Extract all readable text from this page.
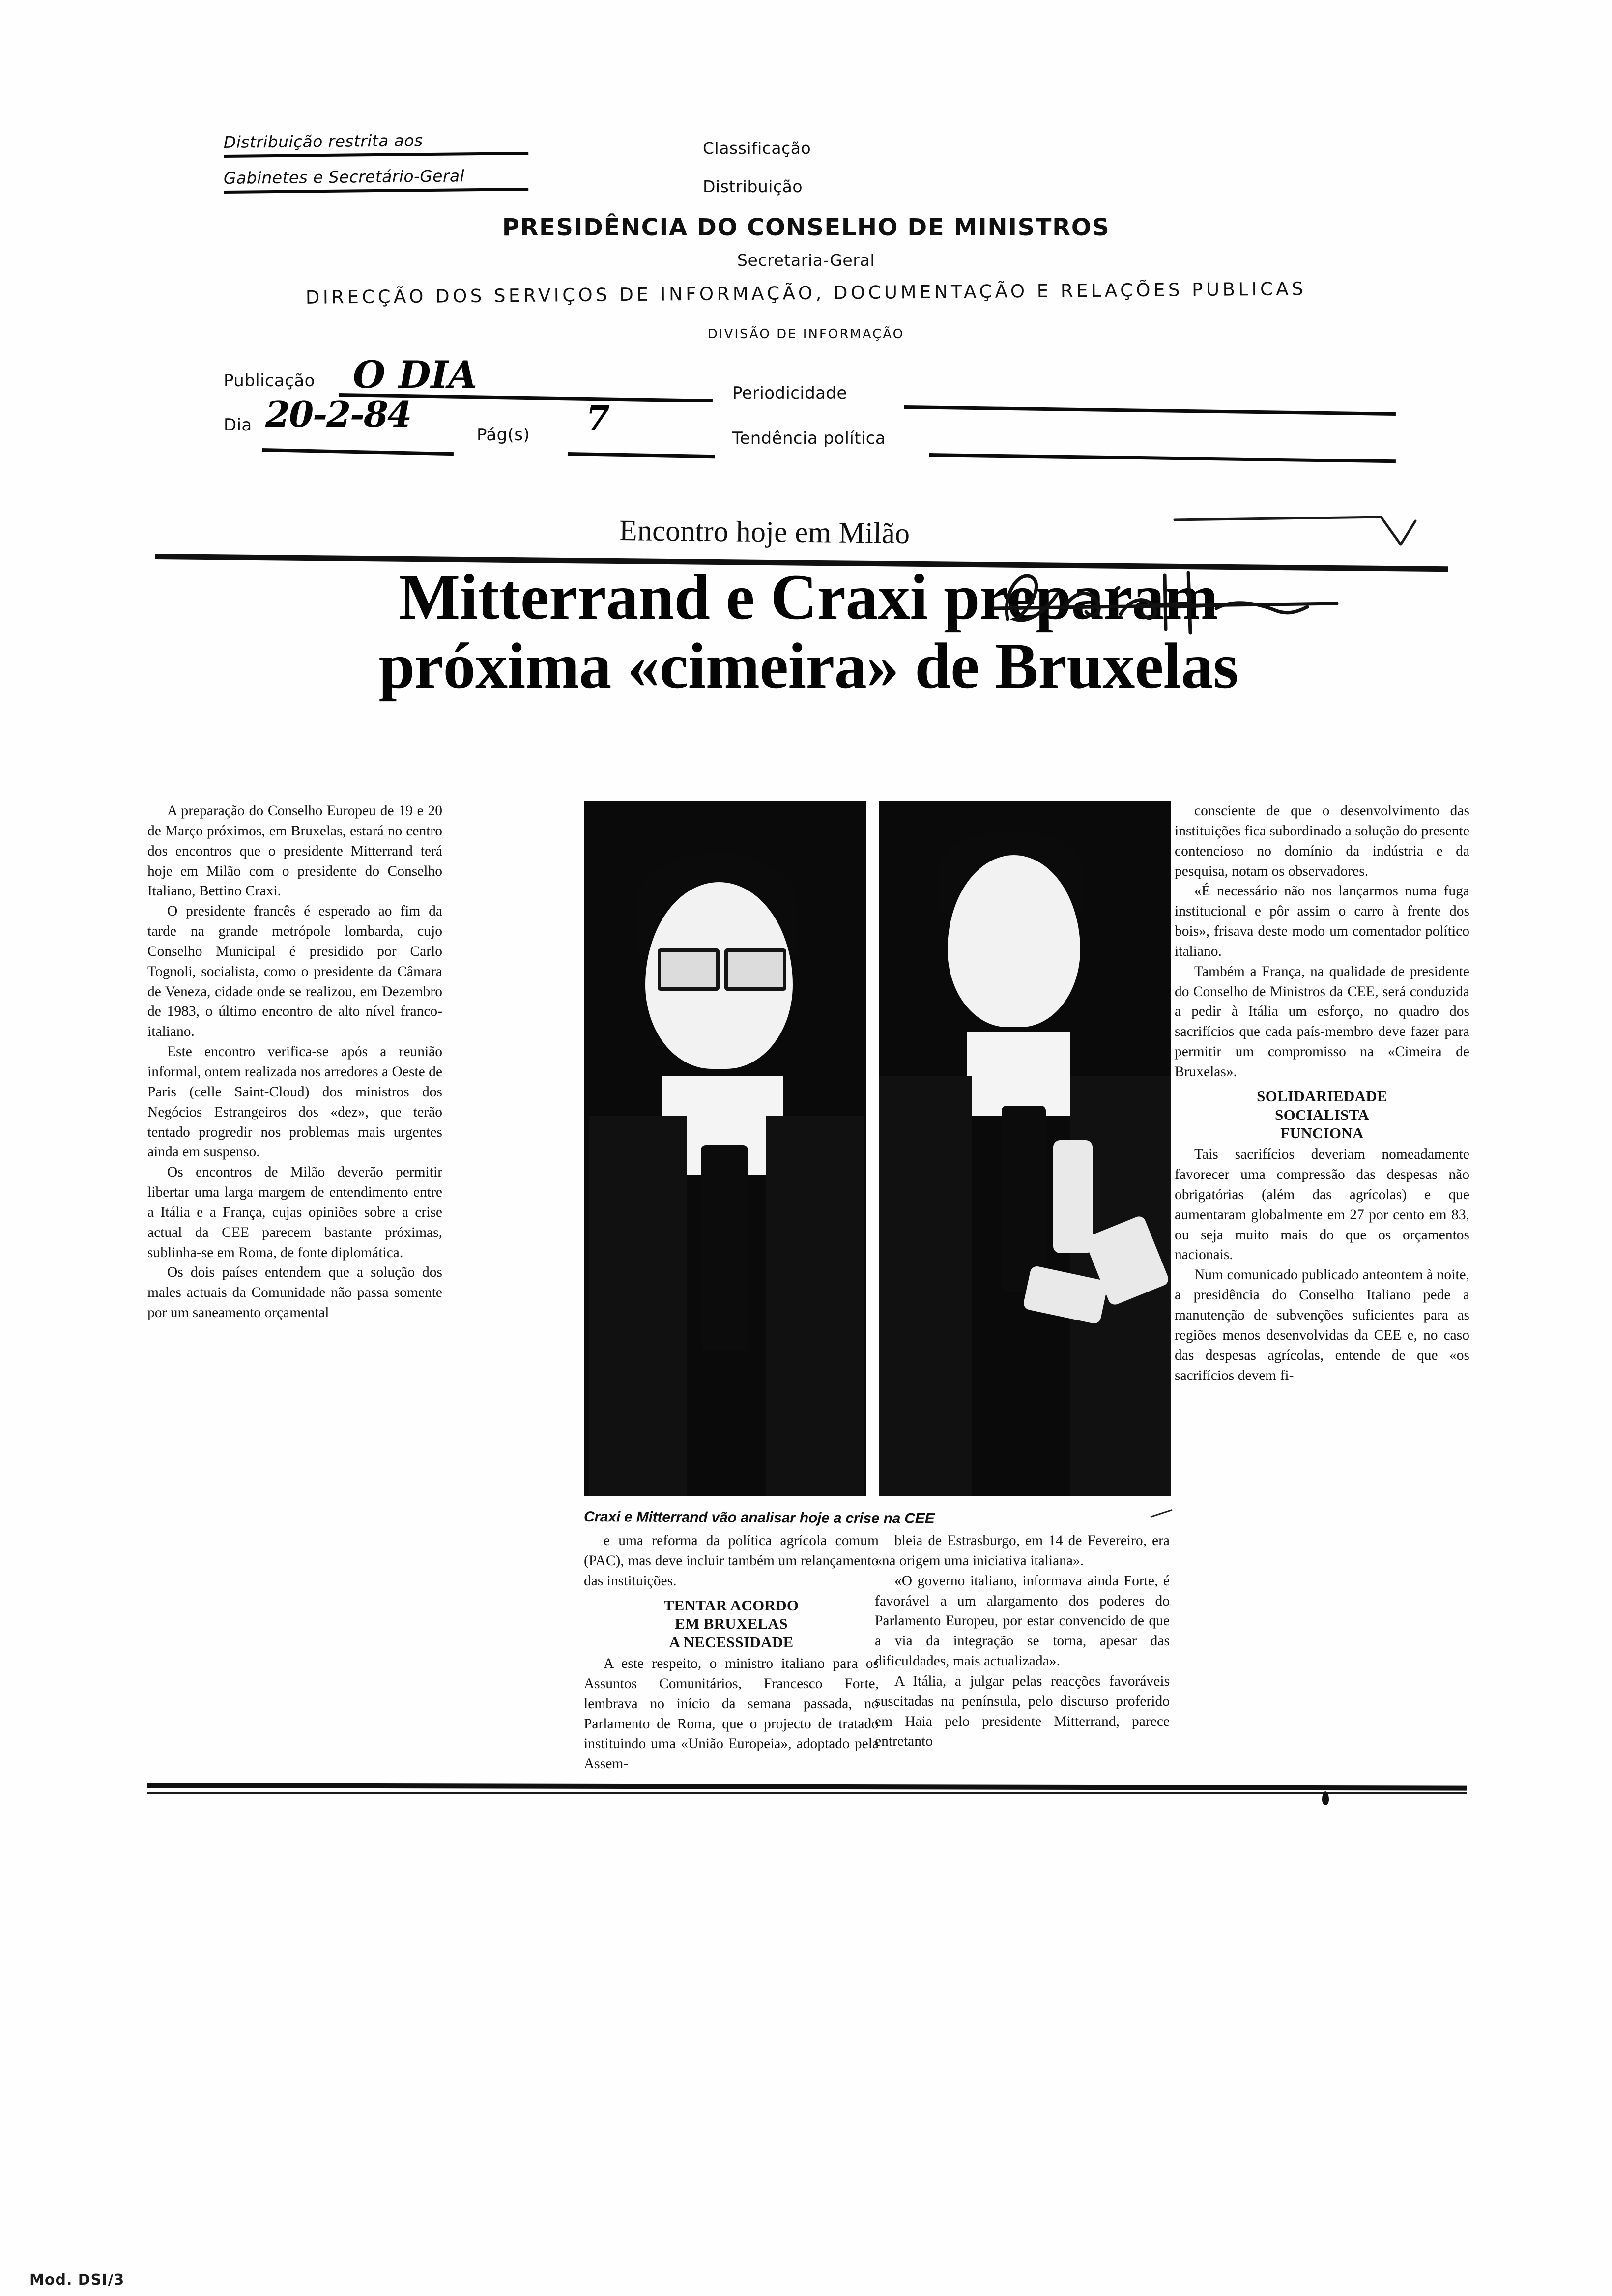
Distribuição restrita aos
Gabinetes e Secretário-Geral
Classificação
Distribuição
PRESIDÊNCIA DO CONSELHO DE MINISTROS
Secretaria-Geral
DIRECÇÃO DOS SERVIÇOS DE INFORMAÇÃO, DOCUMENTAÇÃO E RELAÇÕES PUBLICAS
DIVISÃO DE INFORMAÇÃO
Publicação O DIA	Periodicidade
Dia 20-2-84	Pág(s) 7	Tendência política
Encontro hoje em Milão
Mitterrand e Craxi preparam
próxima «cimeira» de Bruxelas

A preparação do Conselho Europeu de 19 e 20 de Março próximos, em Bruxelas, estará no centro dos encontros que o presidente Mitterrand terá hoje em Milão com o presidente do Conselho Italiano, Bettino Craxi.

O presidente francês é esperado ao fim da tarde na grande metrópole lombarda, cujo Conselho Municipal é presidido por Carlo Tognoli, socialista, como o presidente da Câmara de Veneza, cidade onde se realizou, em Dezembro de 1983, o último encontro de alto nível franco-italiano.

Este encontro verifica-se após a reunião informal, ontem realizada nos arredores a Oeste de Paris (celle Saint-Cloud) dos ministros dos Negócios Estrangeiros dos «dez», que terão tentado progredir nos problemas mais urgentes ainda em suspenso.

Os encontros de Milão deverão permitir libertar uma larga margem de entendimento entre a Itália e a França, cujas opiniões sobre a crise actual da CEE parecem bastante próximas, sublinha-se em Roma, de fonte diplomática.

Os dois países entendem que a solução dos males actuais da Comunidade não passa somente por um saneamento orçamental

Craxi e Mitterrand vão analisar hoje a crise na CEE

e uma reforma da política agrícola comum (PAC), mas deve incluir também um relançamento das instituições.

TENTAR ACORDO
EM BRUXELAS
A NECESSIDADE

A este respeito, o ministro italiano para os Assuntos Comunitários, Francesco Forte, lembrava no início da semana passada, no Parlamento de Roma, que o projecto de tratado instituindo uma «União Europeia», adoptado pela Assem-

bleia de Estrasburgo, em 14 de Fevereiro, era «na origem uma iniciativa italiana».

«O governo italiano, informava ainda Forte, é favorável a um alargamento dos poderes do Parlamento Europeu, por estar convencido de que a via da integração se torna, apesar das dificuldades, mais actualizada».

A Itália, a julgar pelas reacções favoráveis suscitadas na península, pelo discurso proferido em Haia pelo presidente Mitterrand, parece entretanto

consciente de que o desenvolvimento das instituições fica subordinado a solução do presente contencioso no domínio da indústria e da pesquisa, notam os observadores.

«É necessário não nos lançarmos numa fuga institucional e pôr assim o carro à frente dos bois», frisava deste modo um comentador político italiano.

Também a França, na qualidade de presidente do Conselho de Ministros da CEE, será conduzida a pedir à Itália um esforço, no quadro dos sacrifícios que cada país-membro deve fazer para permitir um compromisso na «Cimeira de Bruxelas».

SOLIDARIEDADE
SOCIALISTA
FUNCIONA

Tais sacrifícios deveriam nomeadamente favorecer uma compressão das despesas não obrigatórias (além das agrícolas) e que aumentaram globalmente em 27 por cento em 83, ou seja muito mais do que os orçamentos nacionais.

Num comunicado publicado anteontem à noite, a presidência do Conselho Italiano pede a manutenção de subvenções suficientes para as regiões menos desenvolvidas da CEE e, no caso das despesas agrícolas, entende de que «os sacrifícios devem fi-

Mod. DSI/3
